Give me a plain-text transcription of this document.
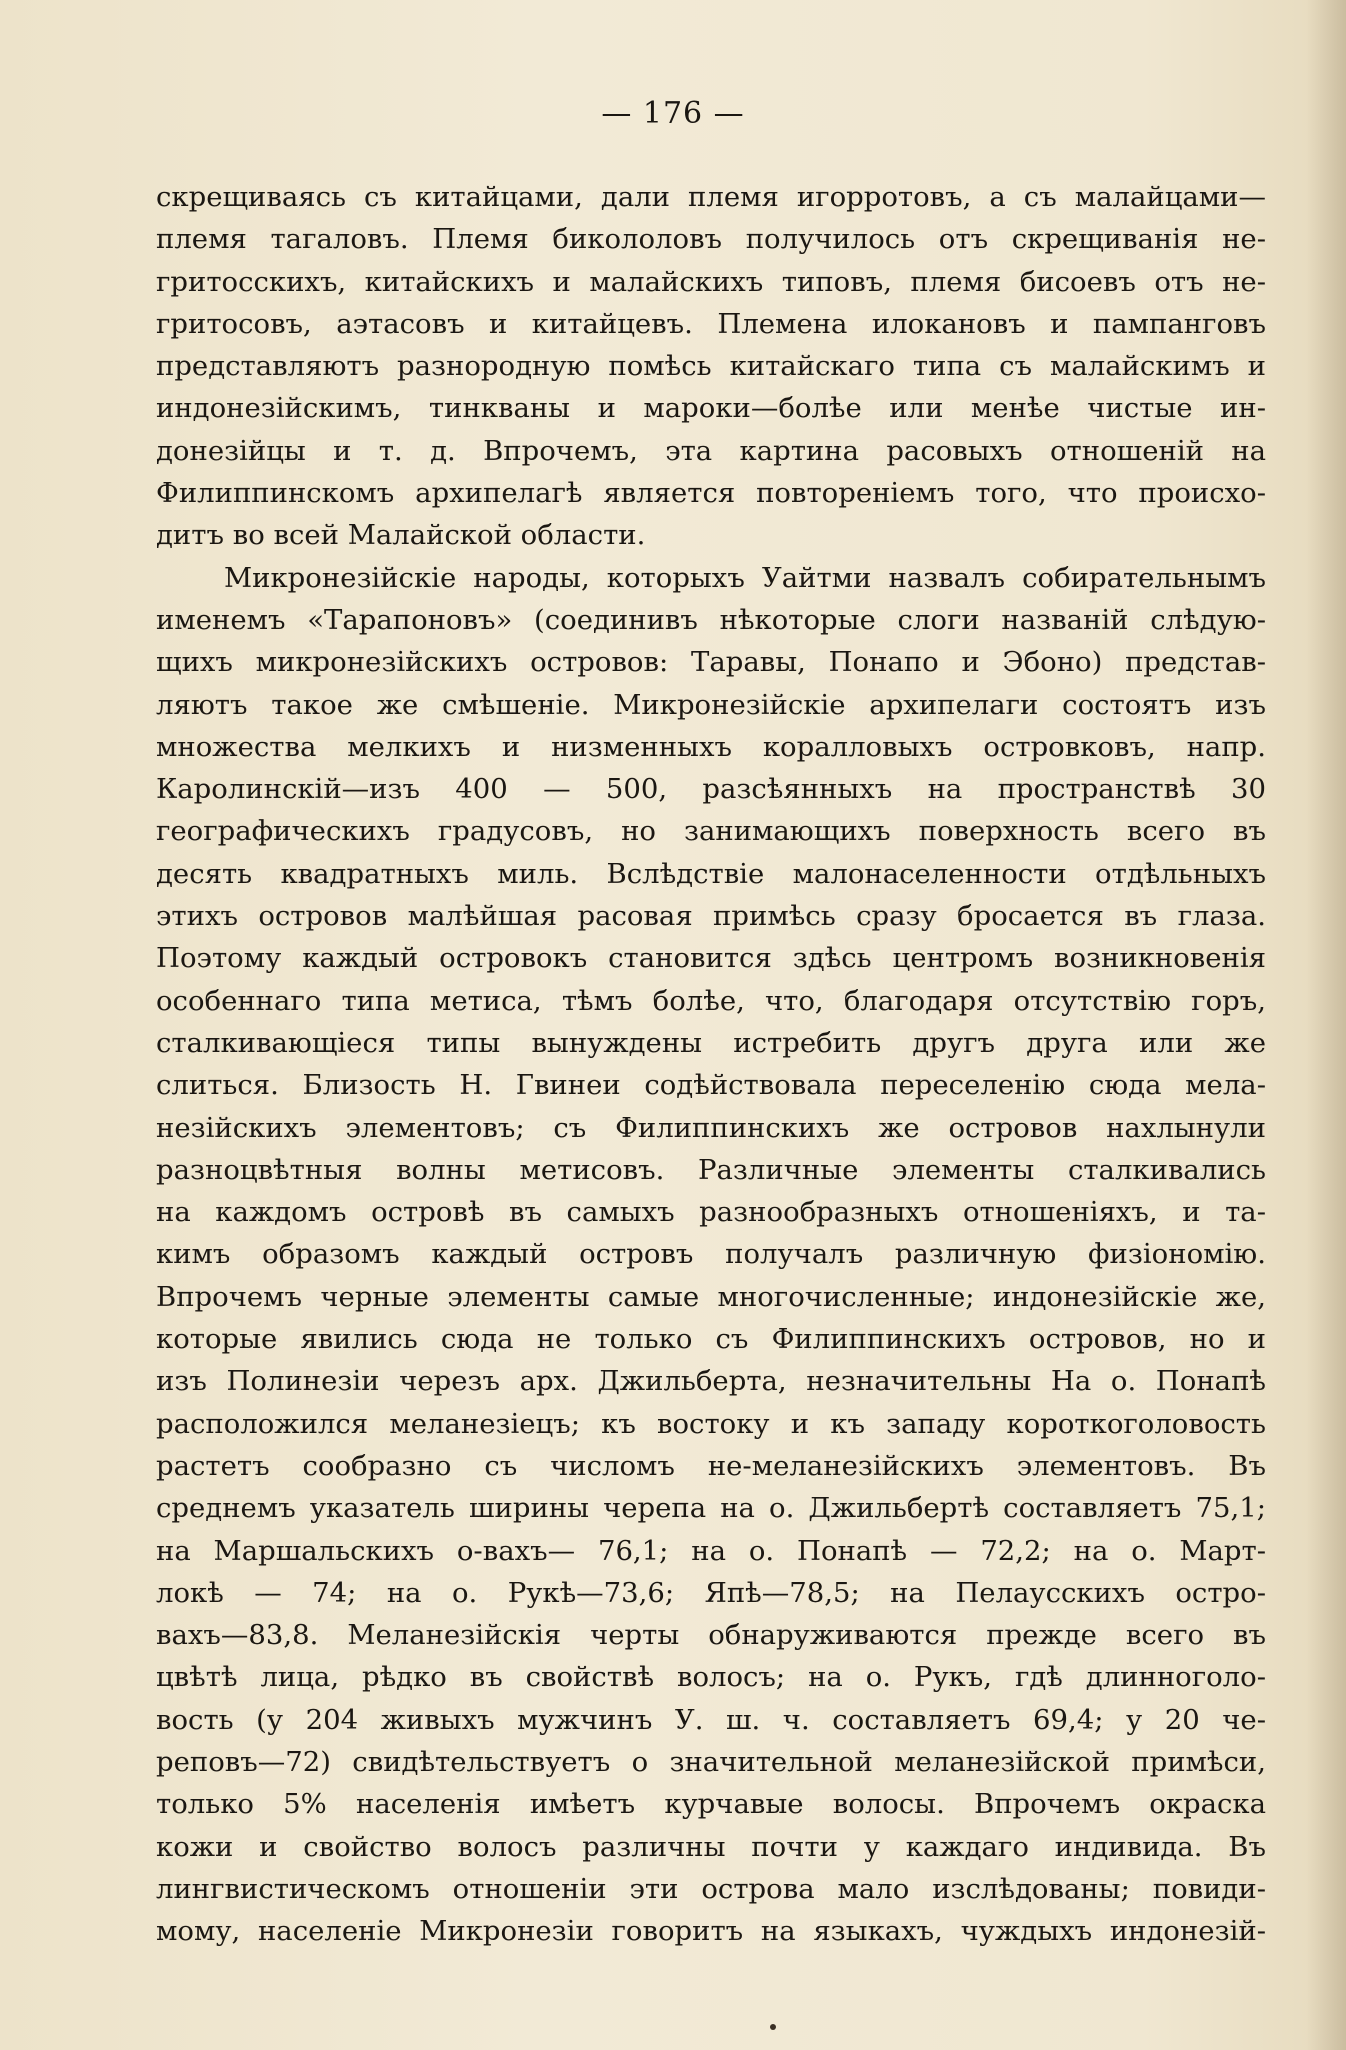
— 176 —
скрещиваясь съ китайцами, дали племя игорротовъ, а съ малайцами—
племя тагаловъ. Племя бикололовъ получилось отъ скрещиванія не-
гритосскихъ, китайскихъ и малайскихъ типовъ, племя бисоевъ отъ не-
гритосовъ, аэтасовъ и китайцевъ. Племена илокановъ и пампанговъ
представляютъ разнородную помѣсь китайскаго типа съ малайскимъ и
индонезійскимъ, тинкваны и мароки—болѣе или менѣе чистые ин-
донезійцы и т. д. Впрочемъ, эта картина расовыхъ отношеній на
Филиппинскомъ архипелагѣ является повтореніемъ того, что происхо-
дитъ во всей Малайской области.
Микронезійскіе народы, которыхъ Уайтми назвалъ собирательнымъ
именемъ «Тарапоновъ» (соединивъ нѣкоторые слоги названій слѣдую-
щихъ микронезійскихъ островов: Таравы, Понапо и Эбоно) представ-
ляютъ такое же смѣшеніе. Микронезійскіе архипелаги состоятъ изъ
множества мелкихъ и низменныхъ коралловыхъ островковъ, напр.
Каролинскій—изъ 400 — 500, разсѣянныхъ на пространствѣ 30
географическихъ градусовъ, но занимающихъ поверхность всего въ
десять квадратныхъ миль. Вслѣдствіе малонаселенности отдѣльныхъ
этихъ островов малѣйшая расовая примѣсь сразу бросается въ глаза.
Поэтому каждый островокъ становится здѣсь центромъ возникновенія
особеннаго типа метиса, тѣмъ болѣе, что, благодаря отсутствію горъ,
сталкивающіеся типы вынуждены истребить другъ друга или же
слиться. Близость Н. Гвинеи содѣйствовала переселенію сюда мела-
незійскихъ элементовъ; съ Филиппинскихъ же островов нахлынули
разноцвѣтныя волны метисовъ. Различные элементы сталкивались
на каждомъ островѣ въ самыхъ разнообразныхъ отношеніяхъ, и та-
кимъ образомъ каждый островъ получалъ различную физіономію.
Впрочемъ черные элементы самые многочисленные; индонезійскіе же,
которые явились сюда не только съ Филиппинскихъ островов, но и
изъ Полинезіи черезъ арх. Джильберта, незначительны На о. Понапѣ
расположился меланезіецъ; къ востоку и къ западу короткоголовость
растетъ сообразно съ числомъ не-меланезійскихъ элементовъ. Въ
среднемъ указатель ширины черепа на о. Джильбертѣ составляетъ 75,1;
на Маршальскихъ о-вахъ— 76,1; на о. Понапѣ — 72,2; на о. Март-
локѣ — 74; на о. Рукѣ—73,6; Япѣ—78,5; на Пелаусскихъ остро-
вахъ—83,8. Меланезійскія черты обнаруживаются прежде всего въ
цвѣтѣ лица, рѣдко въ свойствѣ волосъ; на о. Рукъ, гдѣ длинноголо-
вость (у 204 живыхъ мужчинъ У. ш. ч. составляетъ 69,4; у 20 че-
реповъ—72) свидѣтельствуетъ о значительной меланезійской примѣси,
только 5% населенія имѣетъ курчавые волосы. Впрочемъ окраска
кожи и свойство волосъ различны почти у каждаго индивида. Въ
лингвистическомъ отношеніи эти острова мало изслѣдованы; повиди-
мому, населеніе Микронезіи говоритъ на языкахъ, чуждыхъ индонезій-
